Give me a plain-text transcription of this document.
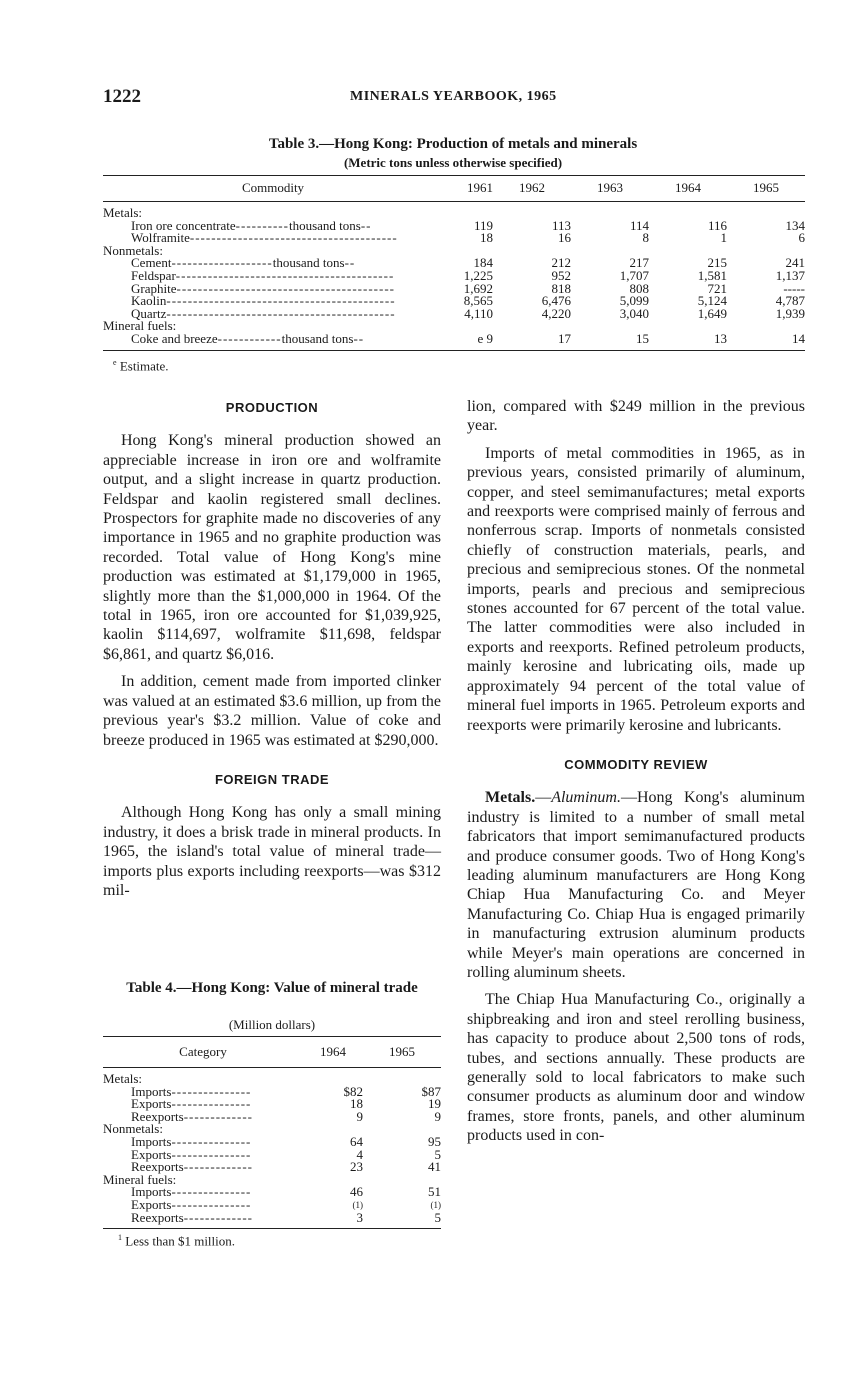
1222	MINERALS YEARBOOK, 1965
Table 3.—Hong Kong: Production of metals and minerals
(Metric tons unless otherwise specified)
Commodity	1961	1962	1963	1964	1965

Metals:					
Iron ore concentrate----------thousand tons--	119	113	114	116	134
Wolframite---------------------------------------	18	16	8	1	6
Nonmetals:					
Cement-------------------thousand tons--	184	212	217	215	241
Feldspar-----------------------------------------	1,225	952	1,707	1,581	1,137
Graphite-----------------------------------------	1,692	818	808	721	-----
Kaolin-------------------------------------------	8,565	6,476	5,099	5,124	4,787
Quartz-------------------------------------------	4,110	4,220	3,040	1,649	1,939
Mineral fuels:					
Coke and breeze------------thousand tons--	e 9	17	15	13	14
$^e$ Estimate.
PRODUCTION

Hong Kong's mineral production showed an appreciable increase in iron ore and wolframite output, and a slight increase in quartz production. Feldspar and kaolin registered small declines. Prospectors for graphite made no discoveries of any importance in 1965 and no graphite production was recorded. Total value of Hong Kong's mine production was estimated at $1,179,000 in 1965, slightly more than the $1,000,000 in 1964. Of the total in 1965, iron ore accounted for $1,039,925, kaolin $114,697, wolframite $11,698, feldspar $6,861, and quartz $6,016.

In addition, cement made from imported clinker was valued at an estimated $3.6 million, up from the previous year's $3.2 million. Value of coke and breeze produced in 1965 was estimated at $290,000.

FOREIGN TRADE

Although Hong Kong has only a small mining industry, it does a brisk trade in mineral products. In 1965, the island's total value of mineral trade—imports plus exports including reexports—was $312 mil-

Table 4.—Hong Kong: Value of mineral trade
(Million dollars)
Category	1964	1965

Metals:		
Imports---------------	$82	$87
Exports---------------	18	19
Reexports-------------	9	9
Nonmetals:		
Imports---------------	64	95
Exports---------------	4	5
Reexports-------------	23	41
Mineral fuels:		
Imports---------------	46	51
Exports---------------	(1)	(1)
Reexports-------------	3	5
$^1$ Less than $1 million.

lion, compared with $249 million in the previous year.

Imports of metal commodities in 1965, as in previous years, consisted primarily of aluminum, copper, and steel semimanufactures; metal exports and reexports were comprised mainly of ferrous and nonferrous scrap. Imports of nonmetals consisted chiefly of construction materials, pearls, and precious and semiprecious stones. Of the nonmetal imports, pearls and precious and semiprecious stones accounted for 67 percent of the total value. The latter commodities were also included in exports and reexports. Refined petroleum products, mainly kerosine and lubricating oils, made up approximately 94 percent of the total value of mineral fuel imports in 1965. Petroleum exports and reexports were primarily kerosine and lubricants.

COMMODITY REVIEW

Metals.—Aluminum.—Hong Kong's aluminum industry is limited to a number of small metal fabricators that import semimanufactured products and produce consumer goods. Two of Hong Kong's leading aluminum manufacturers are Hong Kong Chiap Hua Manufacturing Co. and Meyer Manufacturing Co. Chiap Hua is engaged primarily in manufacturing extrusion aluminum products while Meyer's main operations are concerned in rolling aluminum sheets.

The Chiap Hua Manufacturing Co., originally a shipbreaking and iron and steel rerolling business, has capacity to produce about 2,500 tons of rods, tubes, and sections annually. These products are generally sold to local fabricators to make such consumer products as aluminum door and window frames, store fronts, panels, and other aluminum products used in con-
